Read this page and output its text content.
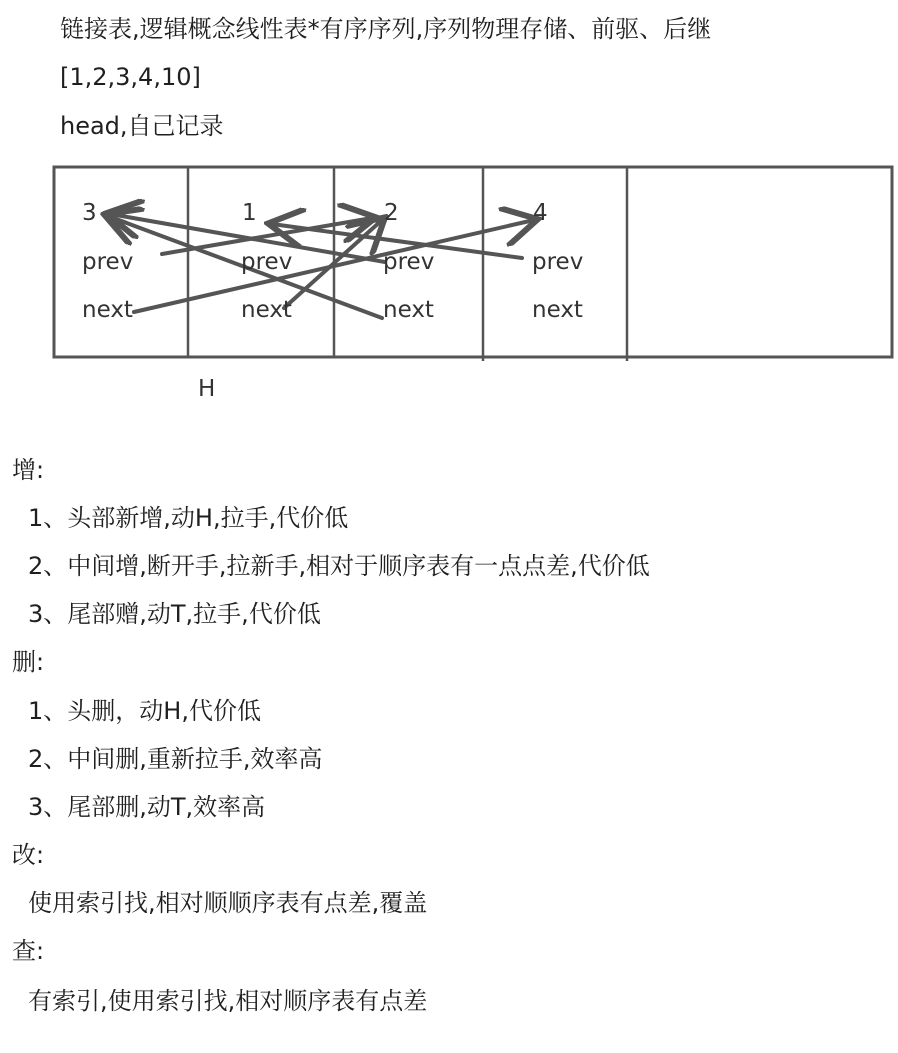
链接表,逻辑概念线性表*有序序列,序列物理存储、前驱、后继
[1,2,3,4,10]
head,自己记录
3
prev
next
1
prev
next
2
prev
next
4
prev
next
H
增:
1、头部新增,动H,拉手,代价低
2、中间增,断开手,拉新手,相对于顺序表有一点点差,代价低
3、尾部赠,动T,拉手,代价低
删:
1、头删，动H,代价低
2、中间删,重新拉手,效率高
3、尾部删,动T,效率高
改:
使用索引找,相对顺顺序表有点差,覆盖
查:
有索引,使用索引找,相对顺序表有点差
